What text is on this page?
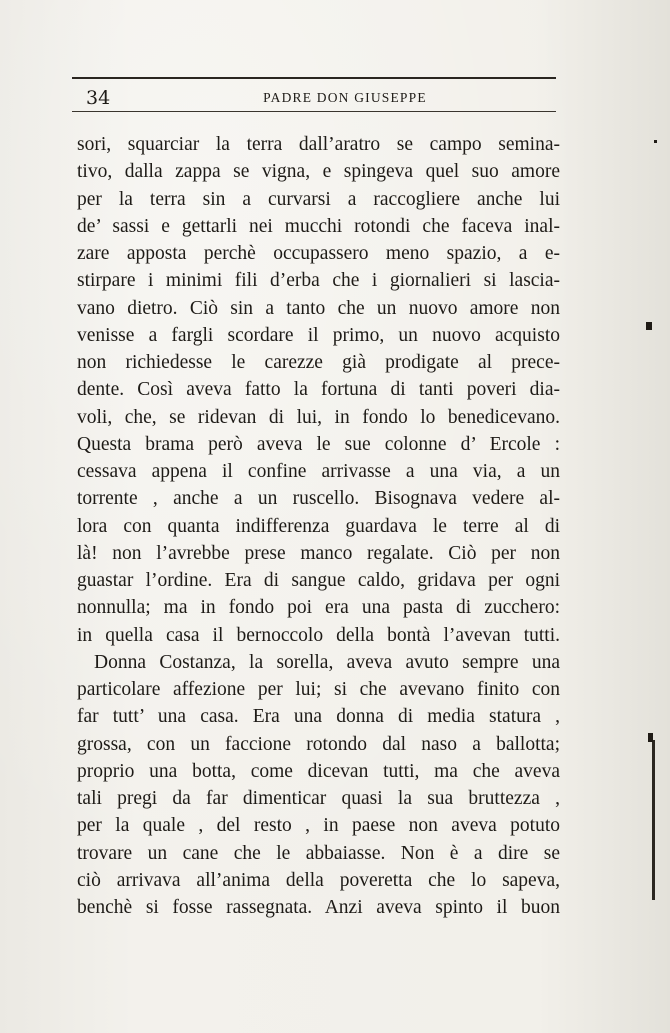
34	PADRE DON GIUSEPPE
sori, squarciar la terra dall’aratro se campo semina-
tivo, dalla zappa se vigna, e spingeva quel suo amore
per la terra sin a curvarsi a raccogliere anche lui
de’ sassi e gettarli nei mucchi rotondi che faceva inal-
zare apposta perchè occupassero meno spazio, a e-
stirpare i minimi fili d’erba che i giornalieri si lascia-
vano dietro. Ciò sin a tanto che un nuovo amore non
venisse a fargli scordare il primo, un nuovo acquisto
non richiedesse le carezze già prodigate al prece-
dente. Così aveva fatto la fortuna di tanti poveri dia-
voli, che, se ridevan di lui, in fondo lo benedicevano.
Questa brama però aveva le sue colonne d’ Ercole :
cessava appena il confine arrivasse a una via, a un
torrente , anche a un ruscello. Bisognava vedere al-
lora con quanta indifferenza guardava le terre al di
là! non l’avrebbe prese manco regalate. Ciò per non
guastar l’ordine. Era di sangue caldo, gridava per ogni
nonnulla; ma in fondo poi era una pasta di zucchero:
in quella casa il bernoccolo della bontà l’avevan tutti.
Donna Costanza, la sorella, aveva avuto sempre una
particolare affezione per lui; si che avevano finito con
far tutt’ una casa. Era una donna di media statura ,
grossa, con un faccione rotondo dal naso a ballotta;
proprio una botta, come dicevan tutti, ma che aveva
tali pregi da far dimenticar quasi la sua bruttezza ,
per la quale , del resto , in paese non aveva potuto
trovare un cane che le abbaiasse. Non è a dire se
ciò arrivava all’anima della poveretta che lo sapeva,
benchè si fosse rassegnata. Anzi aveva spinto il buon
